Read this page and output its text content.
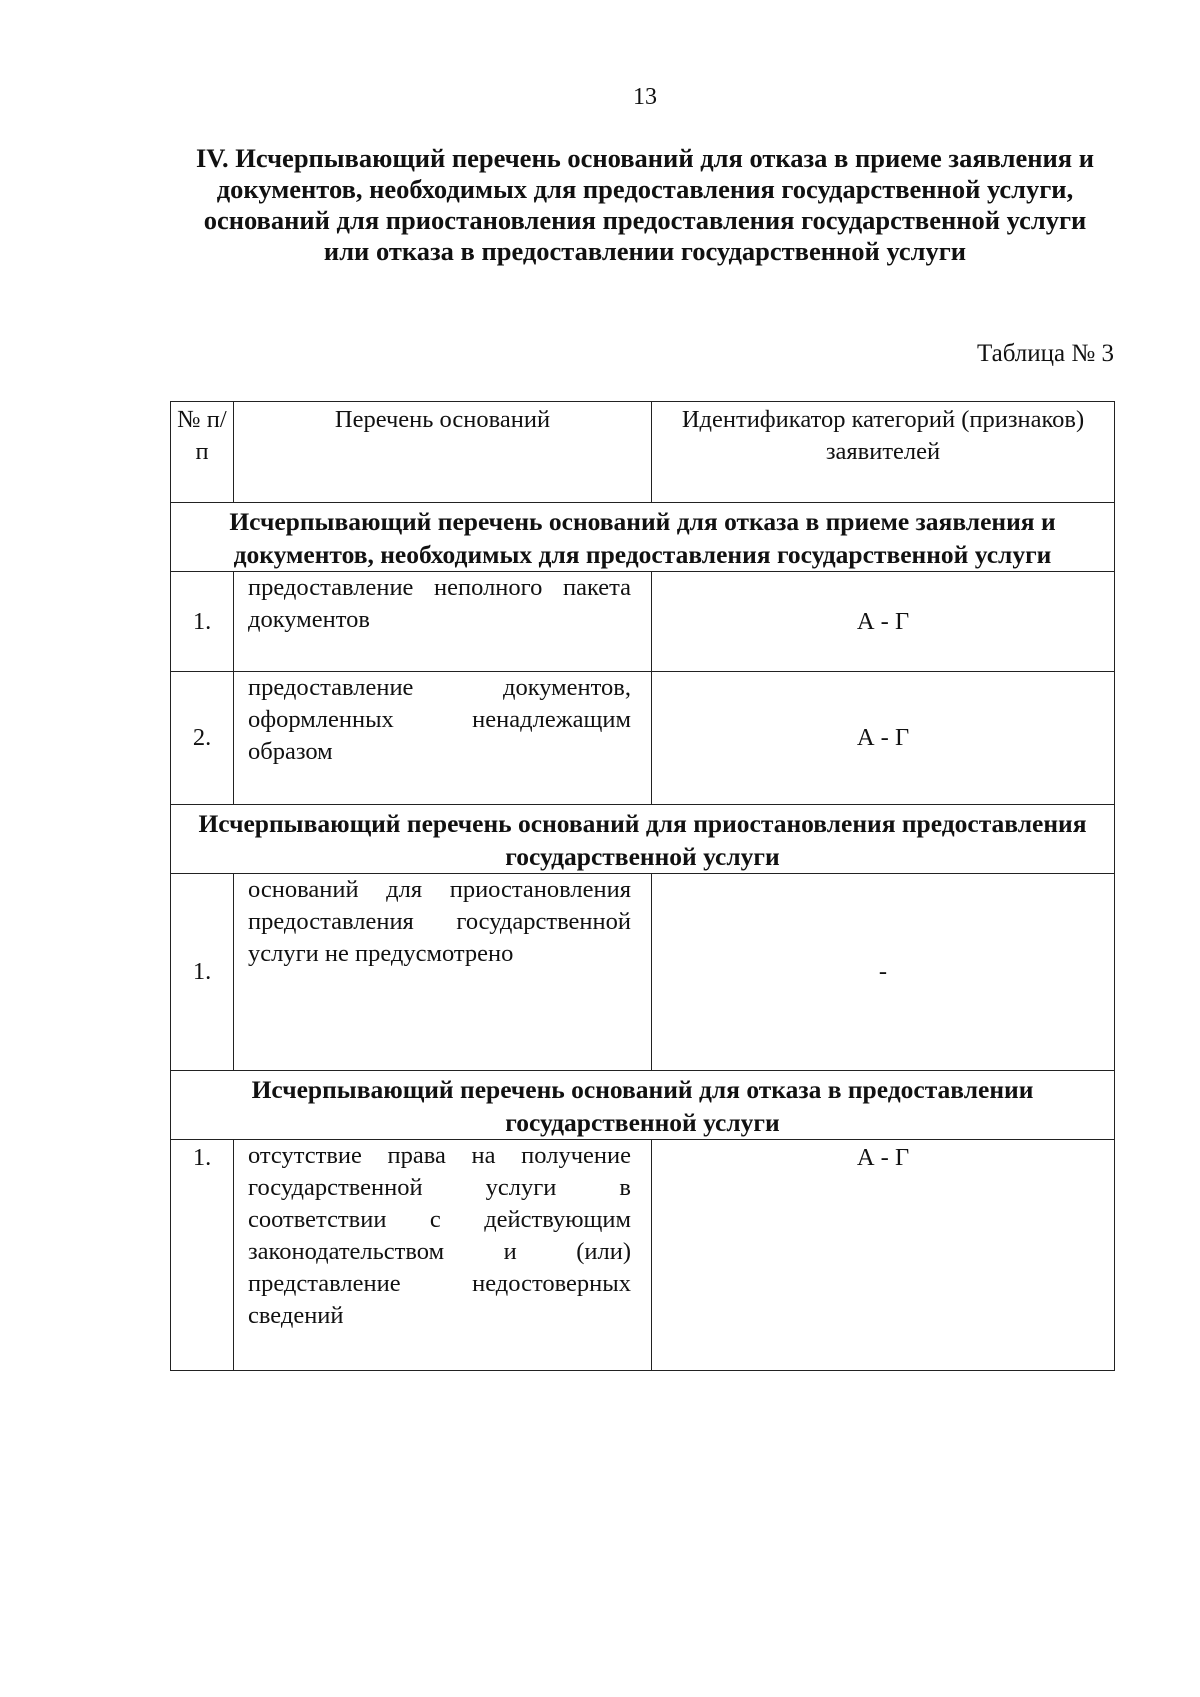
13
IV. Исчерпывающий перечень оснований для отказа в приеме заявления и документов, необходимых для предоставления государственной услуги, оснований для приостановления предоставления государственной услуги или отказа в предоставлении государственной услуги
Таблица № 3
№ п/п	Перечень оснований	Идентификатор категорий (признаков) заявителей
Исчерпывающий перечень оснований для отказа в приеме заявления и документов, необходимых для предоставления государственной услуги		
1.	предоставление неполного пакета документов	А - Г
2.	предоставление документов, оформленных ненадлежащим образом	А - Г
Исчерпывающий перечень оснований для приостановления предоставления государственной услуги		
1.	оснований для приостановления предоставления государственной услуги не предусмотрено	-
Исчерпывающий перечень оснований для отказа в предоставлении государственной услуги		
1.	отсутствие права на получение государственной услуги в соответствии с действующим законодательством и (или) представление недостоверных сведений	А - Г
